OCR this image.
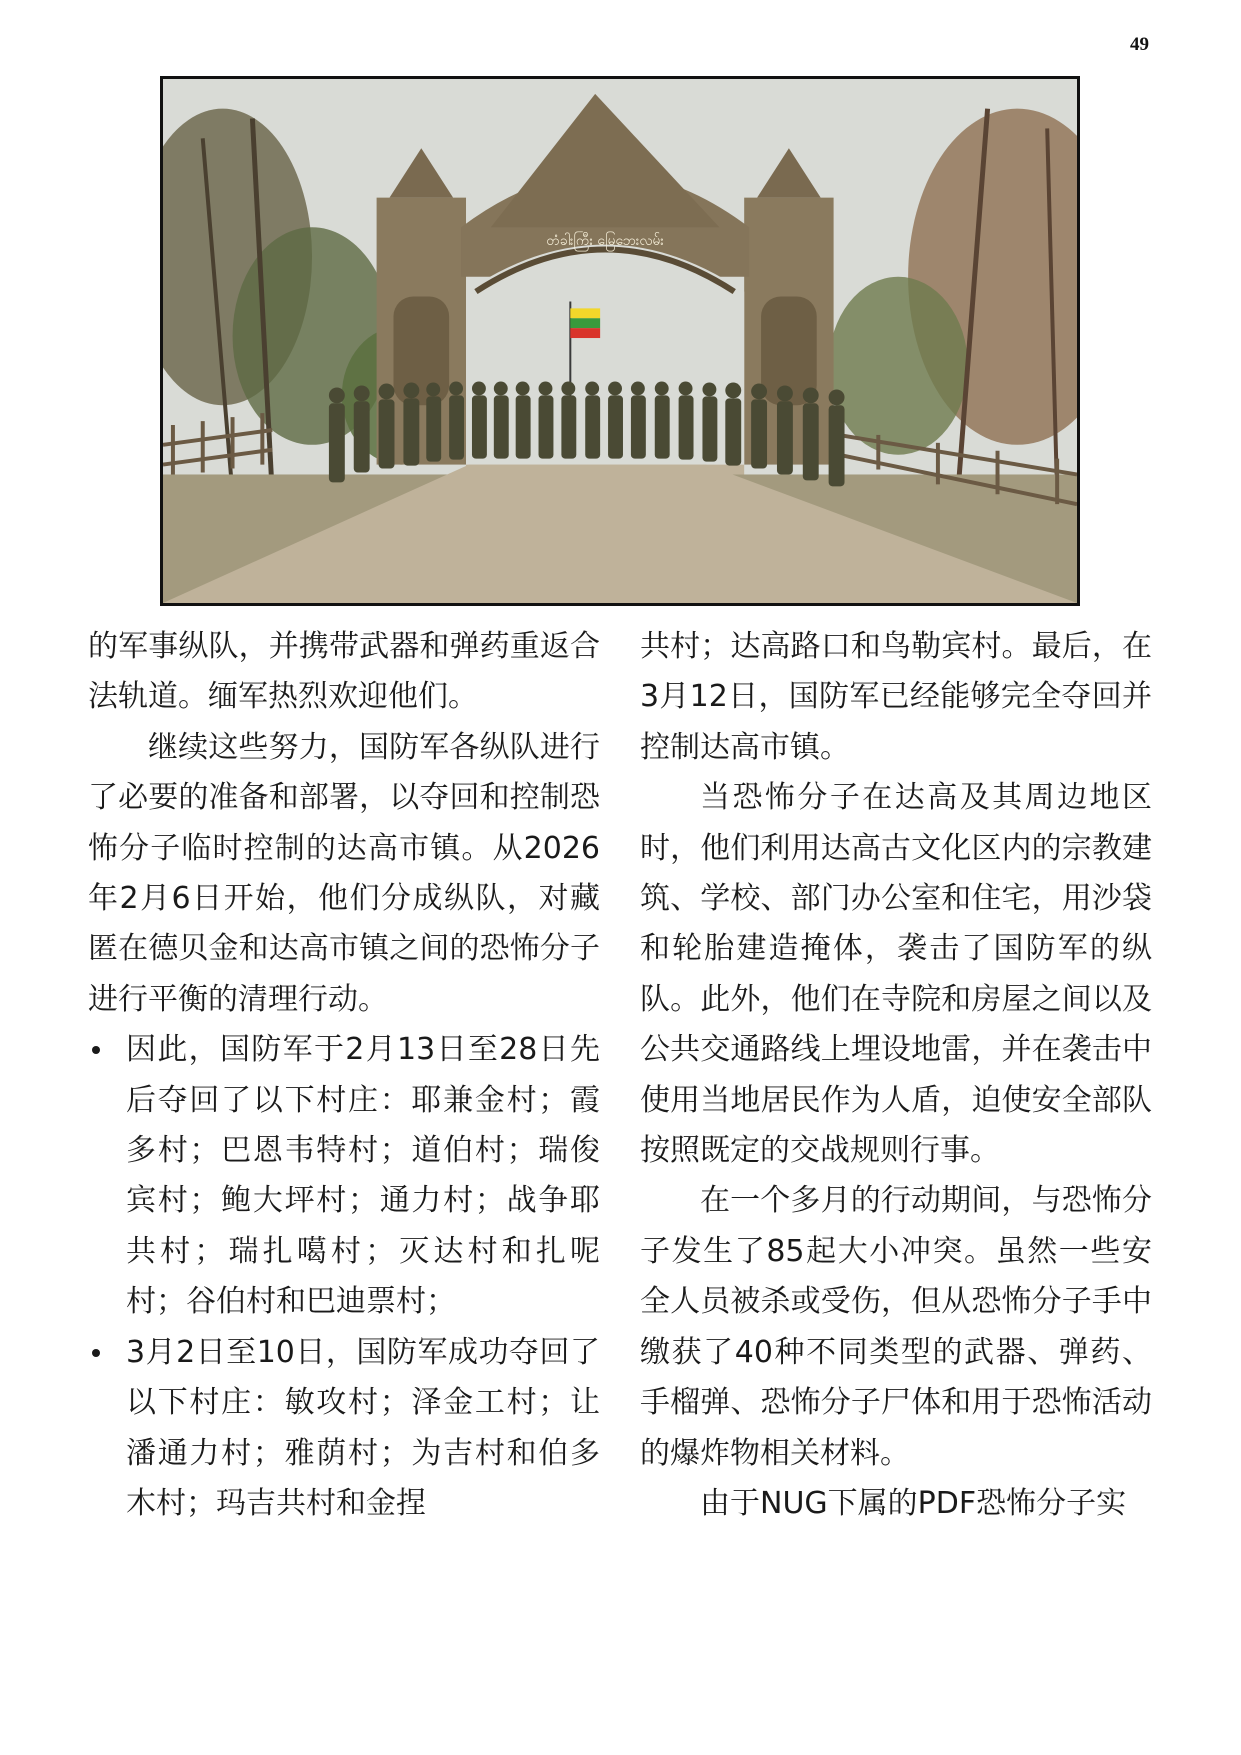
49
တံခါးကြီး မြေဘေးလမ်း

的军事纵队，并携带武器和弹药重返合法轨道。缅军热烈欢迎他们。

继续这些努力，国防军各纵队进行了必要的准备和部署，以夺回和控制恐怖分子临时控制的达高市镇。从2026年2月6日开始，他们分成纵队，对藏匿在德贝金和达高市镇之间的恐怖分子进行平衡的清理行动。

因此，国防军于2月13日至28日先后夺回了以下村庄：耶兼金村；霞多村；巴恩韦特村；道伯村；瑞俊宾村；鲍大坪村；通力村；战争耶共村；瑞扎噶村；灭达村和扎呢村；谷伯村和巴迪票村；
3月2日至10日，国防军成功夺回了以下村庄：敏攻村；泽金工村；让潘通力村；雅荫村；为吉村和伯多木村；玛吉共村和金捏

共村；达高路口和鸟勒宾村。最后，在3月12日，国防军已经能够完全夺回并控制达高市镇。

当恐怖分子在达高及其周边地区时，他们利用达高古文化区内的宗教建筑、学校、部门办公室和住宅，用沙袋和轮胎建造掩体，袭击了国防军的纵队。此外，他们在寺院和房屋之间以及公共交通路线上埋设地雷，并在袭击中使用当地居民作为人盾，迫使安全部队按照既定的交战规则行事。

在一个多月的行动期间，与恐怖分子发生了85起大小冲突。虽然一些安全人员被杀或受伤，但从恐怖分子手中缴获了40种不同类型的武器、弹药、手榴弹、恐怖分子尸体和用于恐怖活动的爆炸物相关材料。

由于NUG下属的PDF恐怖分子实
